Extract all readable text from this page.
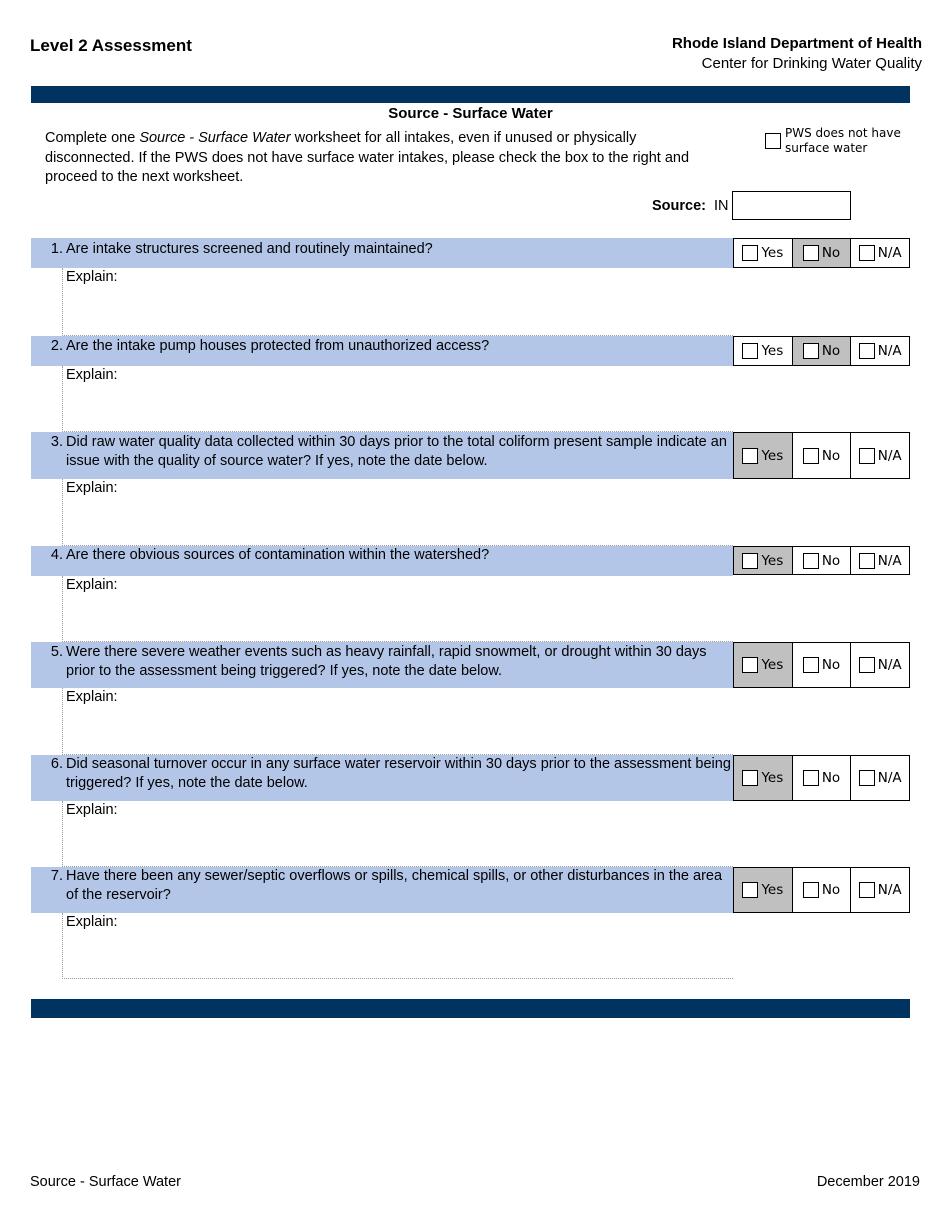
Level 2 Assessment	Rhode Island Department of Health
Center for Drinking Water Quality
Source - Surface Water
Complete one Source - Surface Water worksheet for all intakes, even if unused or physically disconnected. If the PWS does not have surface water intakes, please check the box to the right and proceed to the next worksheet.
PWS does not have surface water
Source: IN
1. Are intake structures screened and routinely maintained?	Yes	No	N/A
Explain:
2. Are the intake pump houses protected from unauthorized access?	Yes	No	N/A
Explain:
3. Did raw water quality data collected within 30 days prior to the total coliform present sample indicate an issue with the quality of source water? If yes, note the date below.	Yes	No	N/A
Explain:
4. Are there obvious sources of contamination within the watershed?	Yes	No	N/A
Explain:
5. Were there severe weather events such as heavy rainfall, rapid snowmelt, or drought within 30 days prior to the assessment being triggered? If yes, note the date below.	Yes	No	N/A
Explain:
6. Did seasonal turnover occur in any surface water reservoir within 30 days prior to the assessment being triggered? If yes, note the date below.	Yes	No	N/A
Explain:
7. Have there been any sewer/septic overflows or spills, chemical spills, or other disturbances in the area of the reservoir?	Yes	No	N/A
Explain:
Source - Surface Water	December 2019
